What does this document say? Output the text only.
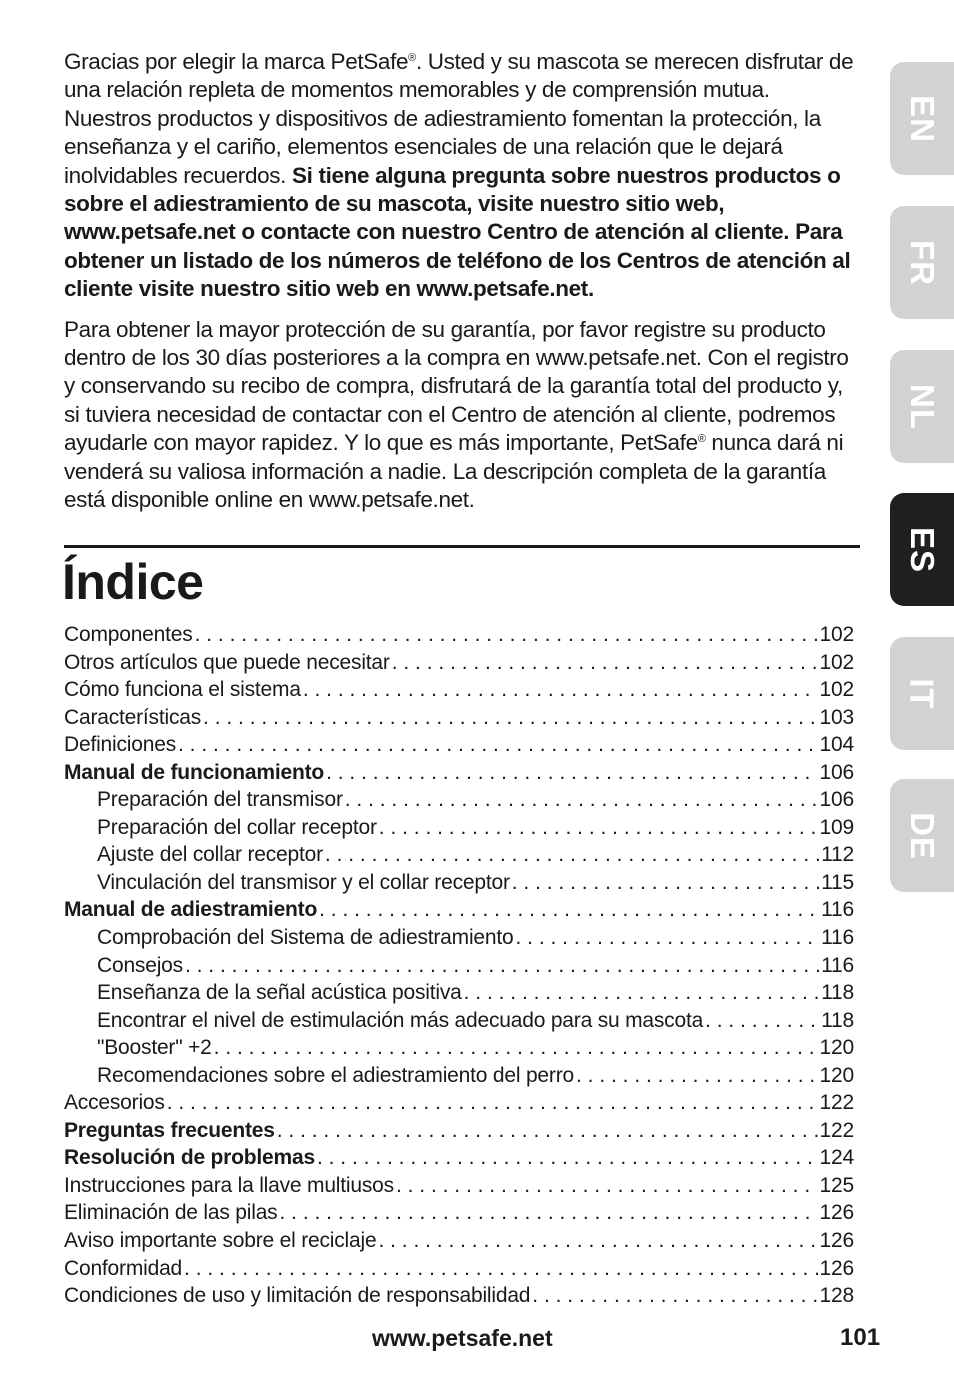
Gracias por elegir la marca PetSafe®. Usted y su mascota se merecen disfrutar de una relación repleta de momentos memorables y de comprensión mutua. Nuestros productos y dispositivos de adiestramiento fomentan la protección, la enseñanza y el cariño, elementos esenciales de una relación que le dejará inolvidables recuerdos. Si tiene alguna pregunta sobre nuestros productos o sobre el adiestramiento de su mascota, visite nuestro sitio web, www.petsafe.net o contacte con nuestro Centro de atención al cliente. Para obtener un listado de los números de teléfono de los Centros de atención al cliente visite nuestro sitio web en www.petsafe.net.

Para obtener la mayor protección de su garantía, por favor registre su producto dentro de los 30 días posteriores a la compra en www.petsafe.net. Con el registro y conservando su recibo de compra, disfrutará de la garantía total del producto y, si tuviera necesidad de contactar con el Centro de atención al cliente, podremos ayudarle con mayor rapidez. Y lo que es más importante, PetSafe® nunca dará ni venderá su valiosa información a nadie. La descripción completa de la garantía está disponible online en www.petsafe.net.

Índice
Componentes . . .	102
Otros artículos que puede necesitar . . .	102
Cómo funciona el sistema . . .	102
Características . . .	103
Definiciones . . .	104
Manual de funcionamiento . . .	106
Preparación del transmisor . . .	106
Preparación del collar receptor . . .	109
Ajuste del collar receptor . . .	112
Vinculación del transmisor y el collar receptor . . .	115
Manual de adiestramiento . . .	116
Comprobación del Sistema de adiestramiento . . .	116
Consejos . . .	116
Enseñanza de la señal acústica positiva . . .	118
Encontrar el nivel de estimulación más adecuado para su mascota . . .	118
"Booster" +2 . . .	120
Recomendaciones sobre el adiestramiento del perro . . .	120
Accesorios . . .	122
Preguntas frecuentes . . .	122
Resolución de problemas . . .	124
Instrucciones para la llave multiusos . . .	125
Eliminación de las pilas . . .	126
Aviso importante sobre el reciclaje . . .	126
Conformidad . . .	126
Condiciones de uso y limitación de responsabilidad . . .	128
EN
FR
NL
ES
IT
DE

www.petsafe.net	101
